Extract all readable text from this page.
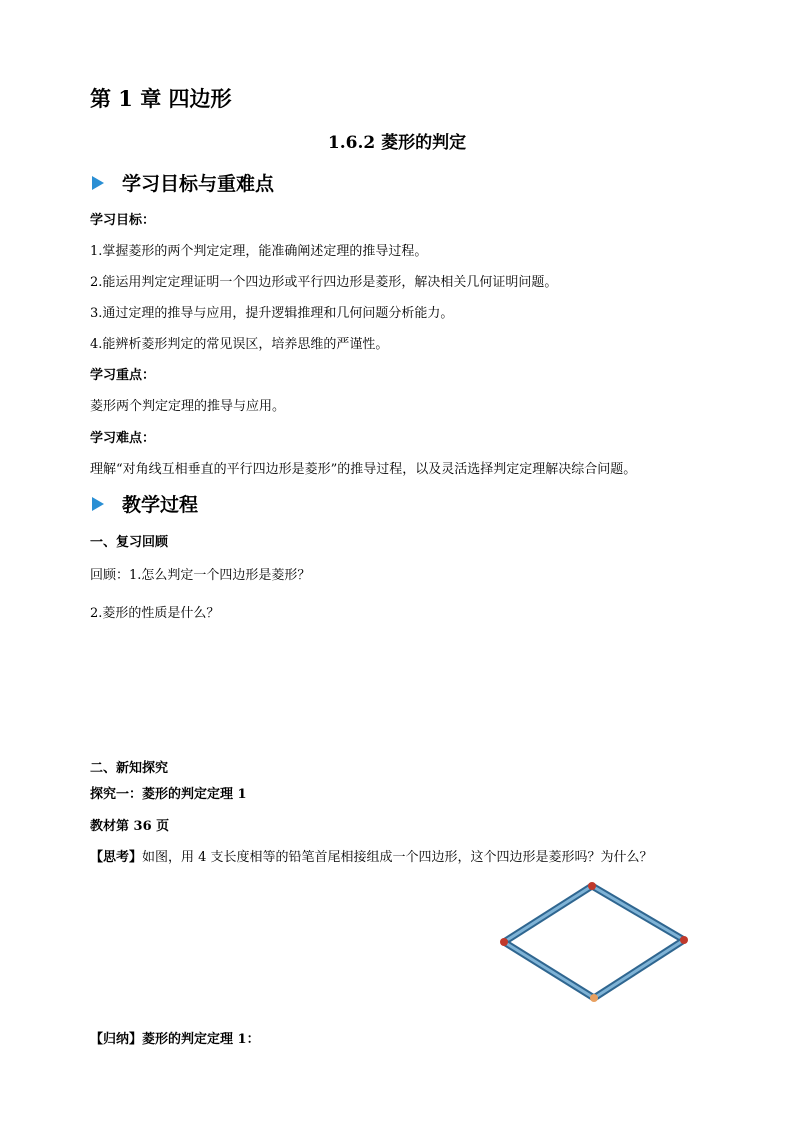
第 1 章 四边形
1.6.2 菱形的判定
学习目标与重难点
学习目标：
1.掌握菱形的两个判定定理，能准确阐述定理的推导过程。
2.能运用判定定理证明一个四边形或平行四边形是菱形，解决相关几何证明问题。
3.通过定理的推导与应用，提升逻辑推理和几何问题分析能力。
4.能辨析菱形判定的常见误区，培养思维的严谨性。
学习重点：
菱形两个判定定理的推导与应用。
学习难点：
理解“对角线互相垂直的平行四边形是菱形”的推导过程，以及灵活选择判定定理解决综合问题。
教学过程
一、复习回顾
回顾：1.怎么判定一个四边形是菱形？
2.菱形的性质是什么？
二、新知探究
探究一：菱形的判定定理 1
教材第 36 页
【思考】如图，用 4 支长度相等的铅笔首尾相接组成一个四边形，这个四边形是菱形吗？为什么？
【归纳】菱形的判定定理 1：
